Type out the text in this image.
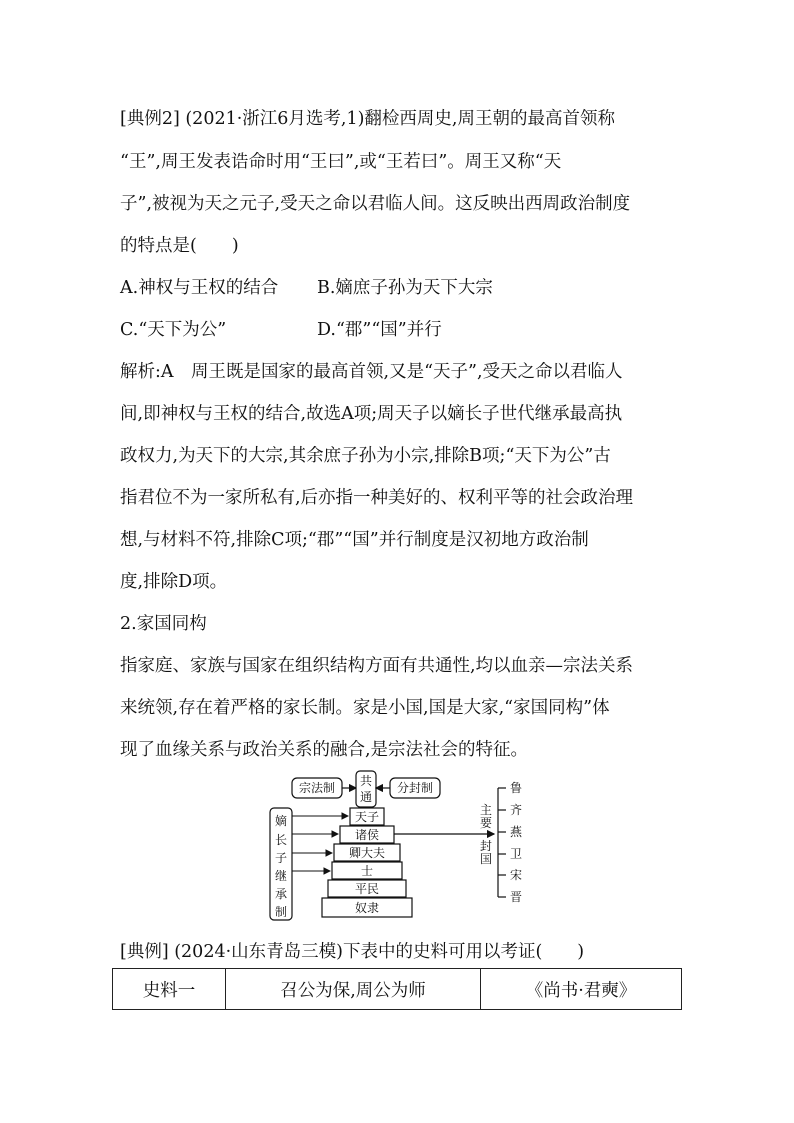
[典例2] (2021·浙江6月选考,1)翻检西周史,周王朝的最高首领称
“王”,周王发表诰命时用“王曰”,或“王若曰”。周王又称“天
子”,被视为天之元子,受天之命以君临人间。这反映出西周政治制度
的特点是(　　)
A.神权与王权的结合 B.嫡庶子孙为天下大宗
C.“天下为公”	D.“郡”“国”并行
解析:A　周王既是国家的最高首领,又是“天子”,受天之命以君临人
间,即神权与王权的结合,故选A项;周天子以嫡长子世代继承最高执
政权力,为天下的大宗,其余庶子孙为小宗,排除B项;“天下为公”古
指君位不为一家所私有,后亦指一种美好的、权利平等的社会政治理
想,与材料不符,排除C项;“郡”“国”并行制度是汉初地方政治制
度,排除D项。
2.家国同构
指家庭、家族与国家在组织结构方面有共通性,均以血亲—宗法关系
来统领,存在着严格的家长制。家是小国,国是大家,“家国同构”体
现了血缘关系与政治关系的融合,是宗法社会的特征。
宗法制 共
通
分封制
嫡
长
子
继
承
制
天子
诸侯
卿大夫
士
平民
奴隶
主
要
封
国
鲁
齐
燕
卫
宋
晋
[典例] (2024·山东青岛三模)下表中的史料可用以考证(　　)
史料一	召公为保,周公为师	《尚书·君奭》
